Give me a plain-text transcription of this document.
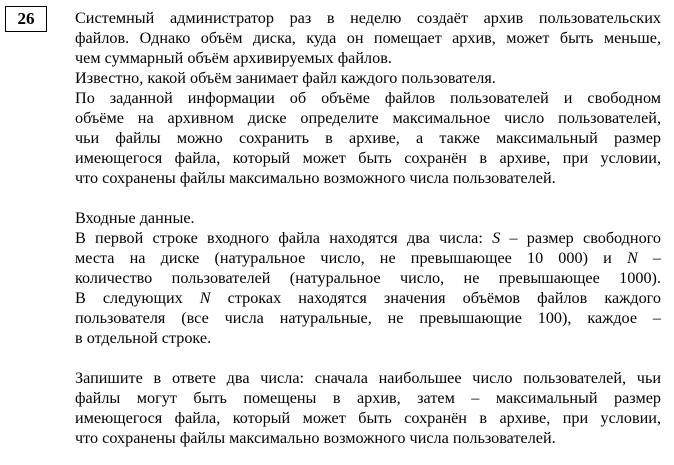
26	Системный администратор раз в неделю создаёт архив пользовательских
файлов. Однако объём диска, куда он помещает архив, может быть меньше,
чем суммарный объём архивируемых файлов.

Известно, какой объём занимает файл каждого пользователя.

По заданной информации об объёме файлов пользователей и свободном
объёме на архивном диске определите максимальное число пользователей,
чьи файлы можно сохранить в архиве, а также максимальный размер
имеющегося файла, который может быть сохранён в архиве, при условии,
что сохранены файлы максимально возможного числа пользователей.

Входные данные.

В первой строке входного файла находятся два числа: S – размер свободного
места на диске (натуральное число, не превышающее 10 000) и N –
количество пользователей (натуральное число, не превышающее 1000).
В следующих N строках находятся значения объёмов файлов каждого
пользователя (все числа натуральные, не превышающие 100), каждое –
в отдельной строке.

Запишите в ответе два числа: сначала наибольшее число пользователей, чьи
файлы могут быть помещены в архив, затем – максимальный размер
имеющегося файла, который может быть сохранён в архиве, при условии,
что сохранены файлы максимально возможного числа пользователей.
